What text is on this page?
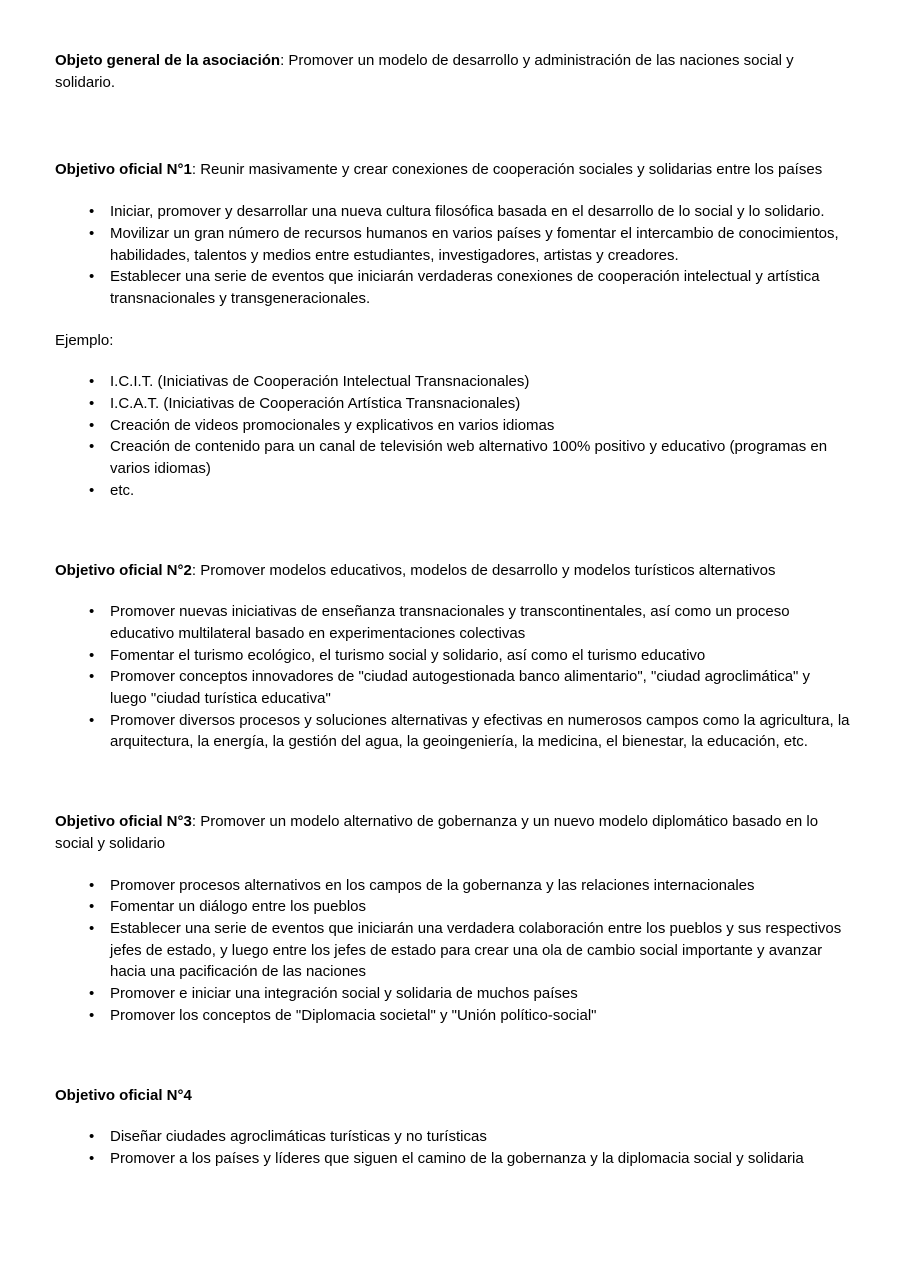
Objeto general de la asociación: Promover un modelo de desarrollo y administración de las naciones social y solidario.

Objetivo oficial N°1: Reunir masivamente y crear conexiones de cooperación sociales y solidarias entre los países

• Iniciar, promover y desarrollar una nueva cultura filosófica basada en el desarrollo de lo social y lo solidario.
• Movilizar un gran número de recursos humanos en varios países y fomentar el intercambio de conocimientos, habilidades, talentos y medios entre estudiantes, investigadores, artistas y creadores.
• Establecer una serie de eventos que iniciarán verdaderas conexiones de cooperación intelectual y artística transnacionales y transgeneracionales.

Ejemplo:

• I.C.I.T. (Iniciativas de Cooperación Intelectual Transnacionales)
• I.C.A.T. (Iniciativas de Cooperación Artística Transnacionales)
• Creación de videos promocionales y explicativos en varios idiomas
• Creación de contenido para un canal de televisión web alternativo 100% positivo y educativo (programas en varios idiomas)
• etc.

Objetivo oficial N°2: Promover modelos educativos, modelos de desarrollo y modelos turísticos alternativos

• Promover nuevas iniciativas de enseñanza transnacionales y transcontinentales, así como un proceso educativo multilateral basado en experimentaciones colectivas
• Fomentar el turismo ecológico, el turismo social y solidario, así como el turismo educativo
• Promover conceptos innovadores de "ciudad autogestionada banco alimentario", "ciudad agroclimática" y luego "ciudad turística educativa"
• Promover diversos procesos y soluciones alternativas y efectivas en numerosos campos como la agricultura, la arquitectura, la energía, la gestión del agua, la geoingeniería, la medicina, el bienestar, la educación, etc.

Objetivo oficial N°3: Promover un modelo alternativo de gobernanza y un nuevo modelo diplomático basado en lo social y solidario

• Promover procesos alternativos en los campos de la gobernanza y las relaciones internacionales
• Fomentar un diálogo entre los pueblos
• Establecer una serie de eventos que iniciarán una verdadera colaboración entre los pueblos y sus respectivos jefes de estado, y luego entre los jefes de estado para crear una ola de cambio social importante y avanzar hacia una pacificación de las naciones
• Promover e iniciar una integración social y solidaria de muchos países
• Promover los conceptos de "Diplomacia societal" y "Unión político-social"

Objetivo oficial N°4

• Diseñar ciudades agroclimáticas turísticas y no turísticas
• Promover a los países y líderes que siguen el camino de la gobernanza y la diplomacia social y solidaria
